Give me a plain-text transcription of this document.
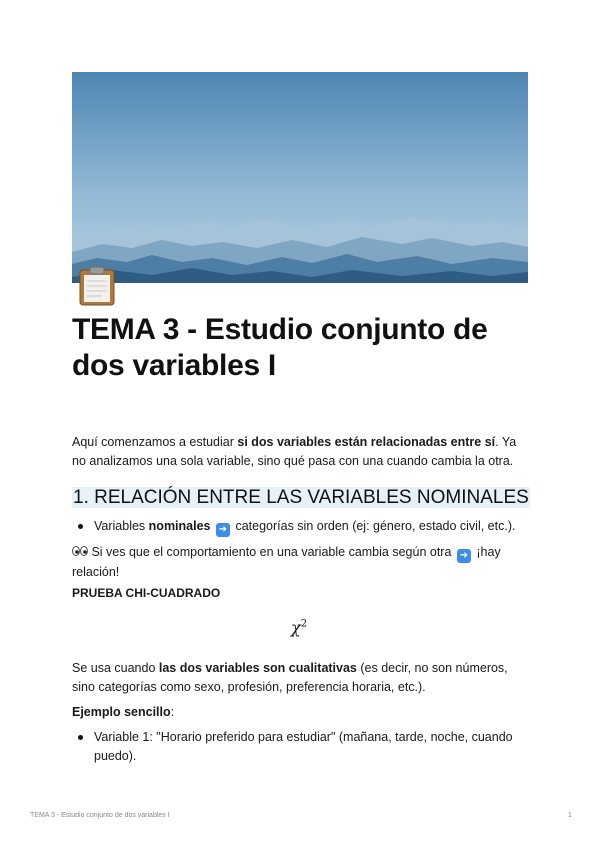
TEMA 3 - Estudio conjunto de dos variables I

Aquí comenzamos a estudiar si dos variables están relacionadas entre sí. Ya no analizamos una sola variable, sino qué pasa con una cuando cambia la otra.

1. RELACIÓN ENTRE LAS VARIABLES NOMINALES
Variables nominales ➜ categorías sin orden (ej: género, estado civil, etc.).

Si ves que el comportamiento en una variable cambia según otra ➜ ¡hay relación!

PRUEBA CHI-CUADRADO

$\chi^2$

Se usa cuando las dos variables son cualitativas (es decir, no son números, sino categorías como sexo, profesión, preferencia horaria, etc.).

Ejemplo sencillo:

Variable 1: "Horario preferido para estudiar" (mañana, tarde, noche, cuando puedo).
TEMA 3 - Estudio conjunto de dos variables I	1
